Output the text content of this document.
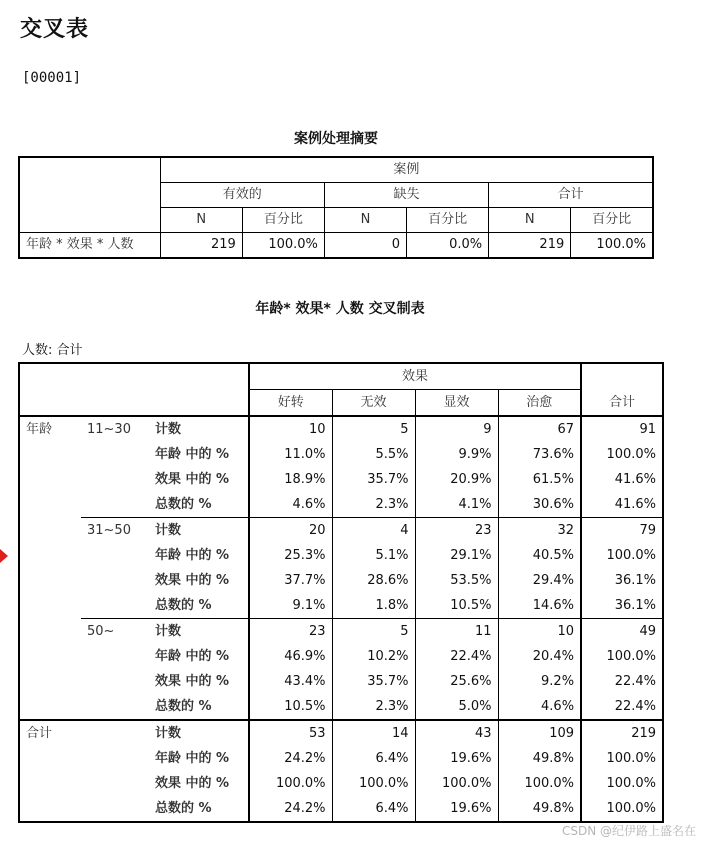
交叉表
[00001]
案例处理摘要
	案例					
	有效的		缺失		合计	
	N	百分比	N	百分比	N	百分比
年龄 * 效果 * 人数	219	100.0%	0	0.0%	219	100.0%
年龄* 效果* 人数 交叉制表
人数: 合计
			效果				合计
			好转	无效	显效	治愈	
年龄	11~30	计数	10	5	9	67	91
		年龄 中的 %	11.0%	5.5%	9.9%	73.6%	100.0%
		效果 中的 %	18.9%	35.7%	20.9%	61.5%	41.6%
		总数的 %	4.6%	2.3%	4.1%	30.6%	41.6%
	31~50	计数	20	4	23	32	79
		年龄 中的 %	25.3%	5.1%	29.1%	40.5%	100.0%
		效果 中的 %	37.7%	28.6%	53.5%	29.4%	36.1%
		总数的 %	9.1%	1.8%	10.5%	14.6%	36.1%
	50~	计数	23	5	11	10	49
		年龄 中的 %	46.9%	10.2%	22.4%	20.4%	100.0%
		效果 中的 %	43.4%	35.7%	25.6%	9.2%	22.4%
		总数的 %	10.5%	2.3%	5.0%	4.6%	22.4%
合计		计数	53	14	43	109	219
		年龄 中的 %	24.2%	6.4%	19.6%	49.8%	100.0%
		效果 中的 %	100.0%	100.0%	100.0%	100.0%	100.0%
		总数的 %	24.2%	6.4%	19.6%	49.8%	100.0%
CSDN @纪伊路上盛名在
